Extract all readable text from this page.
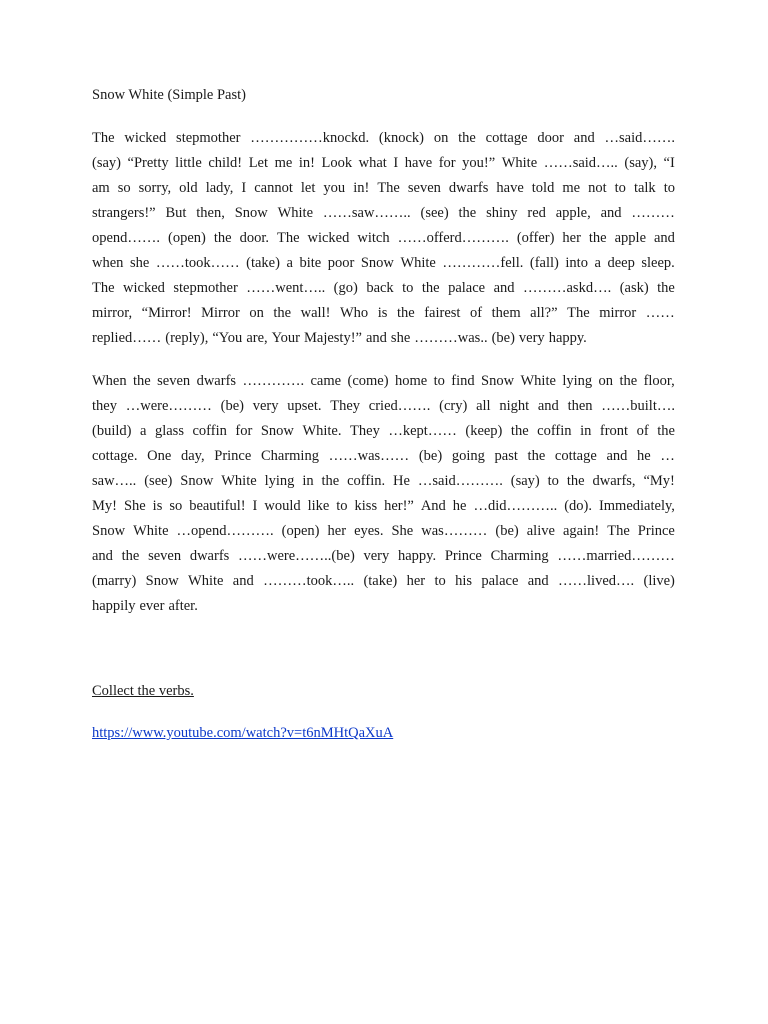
Snow White (Simple Past)
The wicked stepmother ……………knockd. (knock) on the cottage door and …said…….
(say) “Pretty little child! Let me in! Look what I have for you!” White ……said….. (say), “I
am so sorry, old lady, I cannot let you in! The seven dwarfs have told me not to talk to
strangers!” But then, Snow White ……saw…….. (see) the shiny red apple, and ………
opend……. (open) the door. The wicked witch ……offerd………. (offer) her the apple and
when she ……took…… (take) a bite poor Snow White …………fell. (fall) into a deep sleep.
The wicked stepmother ……went….. (go) back to the palace and ………askd…. (ask) the
mirror, “Mirror! Mirror on the wall! Who is the fairest of them all?” The mirror ……
replied…… (reply), “You are, Your Majesty!” and she ………was.. (be) very happy.
When the seven dwarfs …………. came (come) home to find Snow White lying on the floor,
they …were……… (be) very upset. They cried……. (cry) all night and then ……built….
(build) a glass coffin for Snow White. They …kept…… (keep) the coffin in front of the
cottage. One day, Prince Charming ……was…… (be) going past the cottage and he …
saw….. (see) Snow White lying in the coffin. He …said………. (say) to the dwarfs, “My!
My! She is so beautiful! I would like to kiss her!” And he …did……….. (do). Immediately,
Snow White …opend………. (open) her eyes. She was……… (be) alive again! The Prince
and the seven dwarfs ……were……..(be) very happy. Prince Charming ……married………
(marry) Snow White and ………took….. (take) her to his palace and ……lived…. (live)
happily ever after.
Collect the verbs.
https://www.youtube.com/watch?v=t6nMHtQaXuA
